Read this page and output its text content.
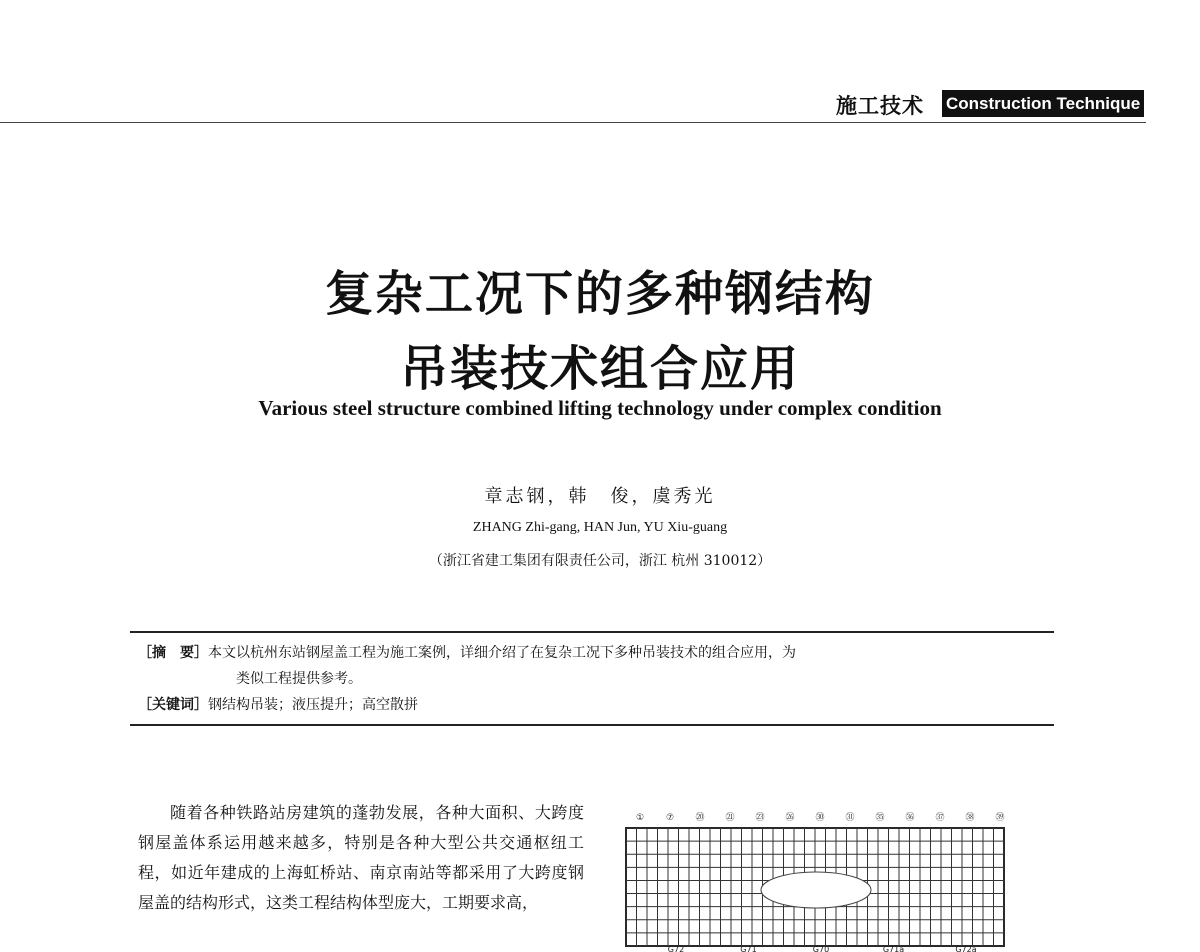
施工技术 Construction Technique
复杂工况下的多种钢结构
吊装技术组合应用
Various steel structure combined lifting technology under complex condition
章志钢，韩　俊，虞秀光
ZHANG Zhi-gang, HAN Jun, YU Xiu-guang
（浙江省建工集团有限责任公司，浙江 杭州 310012）
［摘　要］本文以杭州东站钢屋盖工程为施工案例，详细介绍了在复杂工况下多种吊装技术的组合应用，为
类似工程提供参考。
［关键词］钢结构吊装；液压提升；高空散拼
随着各种铁路站房建筑的蓬勃发展，各种大面积、大跨度钢屋盖体系运用越来越多，特别是各种大型公共交通枢纽工程，如近年建成的上海虹桥站、南京南站等都采用了大跨度钢屋盖的结构形式，这类工程结构体型庞大，工期要求高，
① ⑦ ⑳ ㉑ ㉓ ㉖ ㉚ ㉛ ㉟ ㊱ ㊲ ㊳ ㊴
G72	G71	G70	G71a	G72a
